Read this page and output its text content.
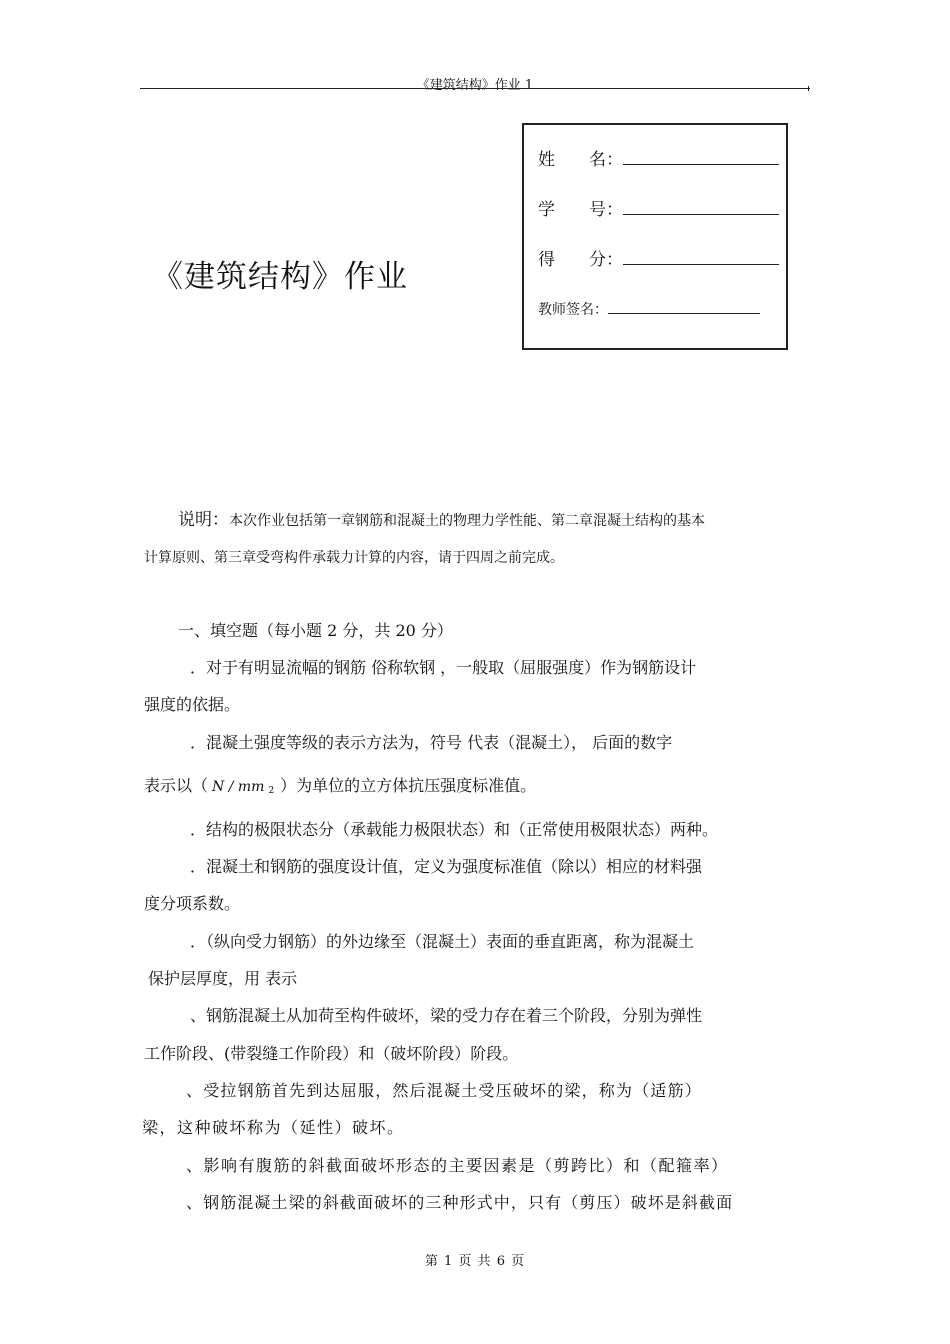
《建筑结构》作业 1
《建筑结构》作业
姓　　名：
学　　号：
得　　分：
教师签名：
说明：本次作业包括第一章钢筋和混凝土的物理力学性能、第二章混凝土结构的基本
计算原则、第三章受弯构件承载力计算的内容，请于四周之前完成。
一、填空题（每小题 2 分，共 20 分）
．对于有明显流幅的钢筋 俗称软钢 ，一般取（屈服强度）作为钢筋设计
强度的依据。
．混凝土强度等级的表示方法为，符号 代表（混凝土）， 后面的数字
表示以（ N / mm 2 ）为单位的立方体抗压强度标准值。
．结构的极限状态分（承载能力极限状态）和（正常使用极限状态）两种。
．混凝土和钢筋的强度设计值，定义为强度标准值（除以）相应的材料强
度分项系数。
．（纵向受力钢筋）的外边缘至（混凝土）表面的垂直距离，称为混凝土
保护层厚度，用 表示
、钢筋混凝土从加荷至构件破坏，梁的受力存在着三个阶段，分别为弹性
工作阶段、(带裂缝工作阶段）和（破坏阶段）阶段。
、受拉钢筋首先到达屈服，然后混凝土受压破坏的梁，称为（适筋）
梁，这种破坏称为（延性）破坏。
、影响有腹筋的斜截面破坏形态的主要因素是（剪跨比）和（配箍率）
、钢筋混凝土梁的斜截面破坏的三种形式中，只有（剪压）破坏是斜截面
第 1 页 共 6 页
